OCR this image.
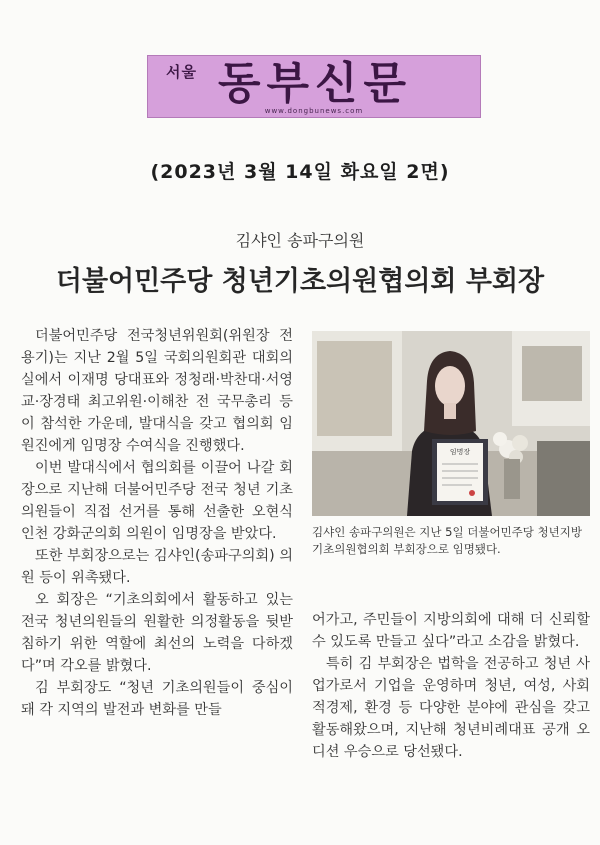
서울 동부신문
www.dongbunews.com
(2023년 3월 14일 화요일 2면)
김샤인 송파구의원
더불어민주당 청년기초의원협의회 부회장

더불어민주당 전국청년위원회(위원장 전용기)는 지난 2월 5일 국회의원회관 대회의실에서 이재명 당대표와 정청래·박찬대·서영교·장경태 최고위원·이해찬 전 국무총리 등이 참석한 가운데, 발대식을 갖고 협의회 임원진에게 임명장 수여식을 진행했다.

이번 발대식에서 협의회를 이끌어 나갈 회장으로 지난해 더불어민주당 전국 청년 기초의원들이 직접 선거를 통해 선출한 오현식 인천 강화군의회 의원이 임명장을 받았다.

또한 부회장으로는 김샤인(송파구의회) 의원 등이 위촉됐다.

오 회장은 “기초의회에서 활동하고 있는 전국 청년의원들의 원활한 의정활동을 뒷받침하기 위한 역할에 최선의 노력을 다하겠다”며 각오를 밝혔다.

김 부회장도 “청년 기초의원들이 중심이 돼 각 지역의 발전과 변화를 만들

임명장
김샤인 송파구의원은 지난 5일 더불어민주당 청년지방기초의원협의회 부회장으로 임명됐다.

어가고, 주민들이 지방의회에 대해 더 신뢰할 수 있도록 만들고 싶다”라고 소감을 밝혔다.

특히 김 부회장은 법학을 전공하고 청년 사업가로서 기업을 운영하며 청년, 여성, 사회적경제, 환경 등 다양한 분야에 관심을 갖고 활동해왔으며, 지난해 청년비례대표 공개 오디션 우승으로 당선됐다.
